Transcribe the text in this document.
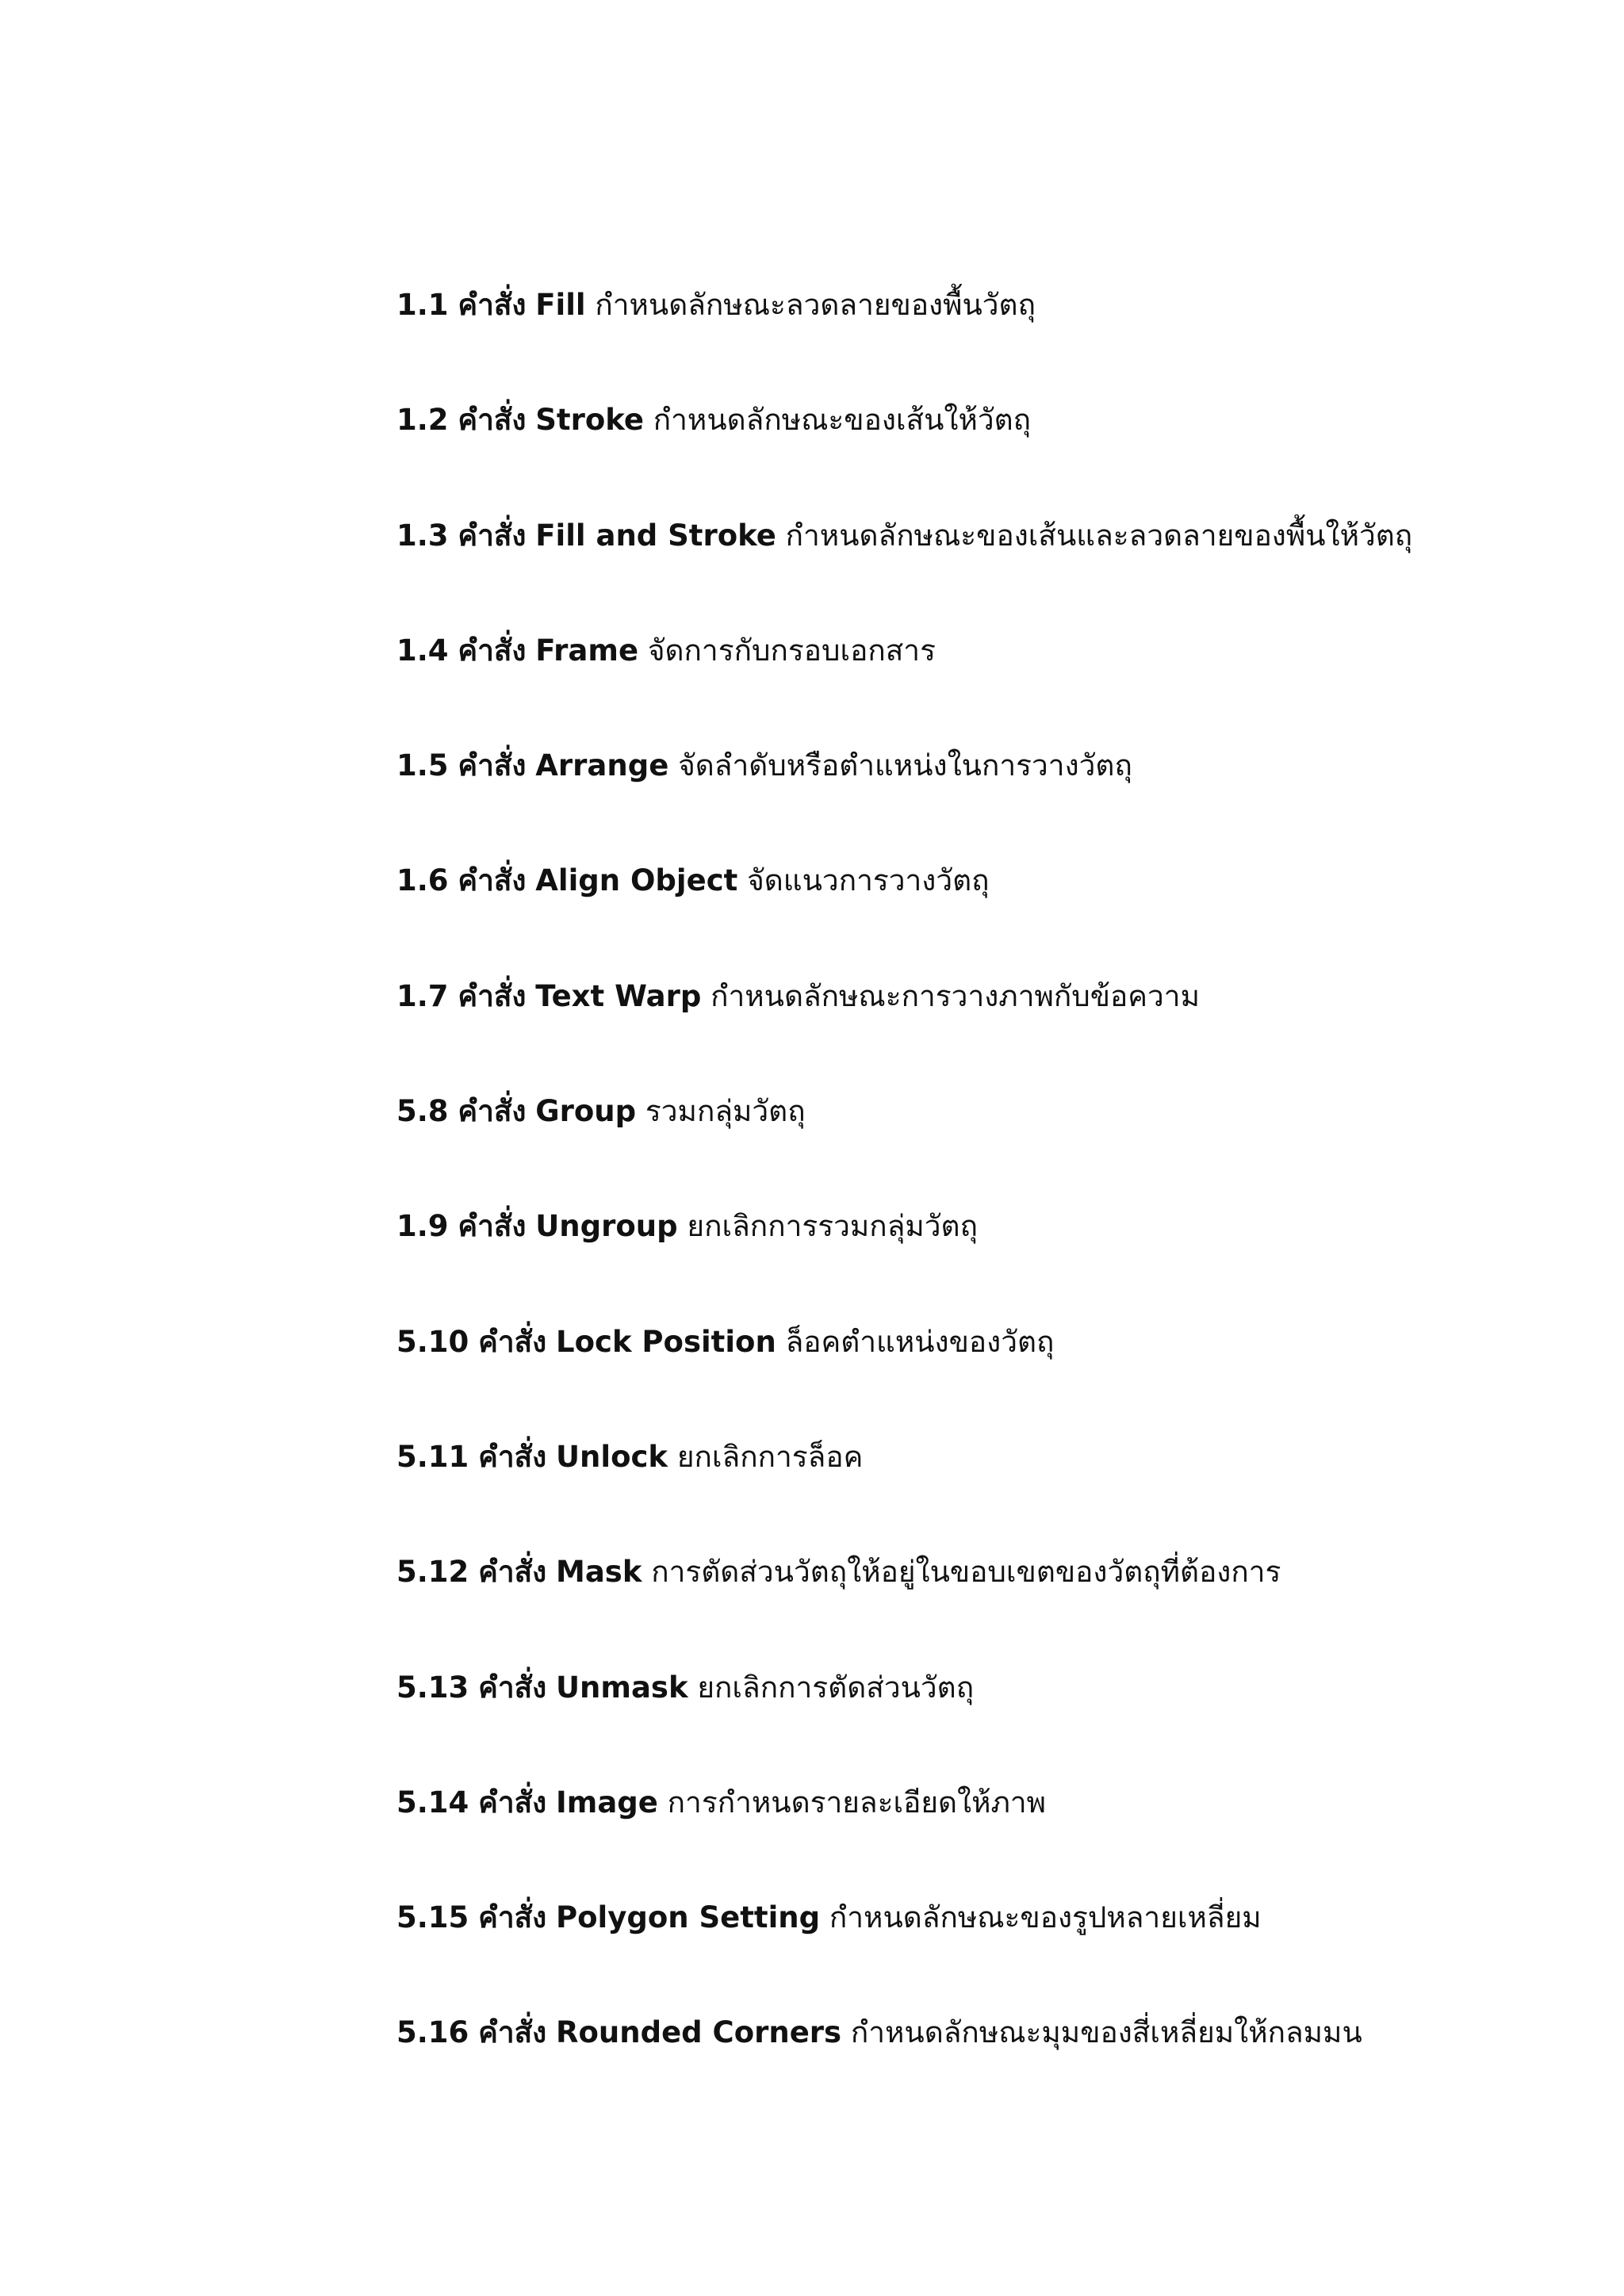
1.1 คำสั่ง Fill กำหนดลักษณะลวดลายของพื้นวัตถุ
1.2 คำสั่ง Stroke กำหนดลักษณะของเส้นให้วัตถุ
1.3 คำสั่ง Fill and Stroke กำหนดลักษณะของเส้นและลวดลายของพื้นให้วัตถุ
1.4 คำสั่ง Frame จัดการกับกรอบเอกสาร
1.5 คำสั่ง Arrange จัดลำดับหรือตำแหน่งในการวางวัตถุ
1.6 คำสั่ง Align Object จัดแนวการวางวัตถุ
1.7 คำสั่ง Text Warp กำหนดลักษณะการวางภาพกับข้อความ
5.8 คำสั่ง Group รวมกลุ่มวัตถุ
1.9 คำสั่ง Ungroup ยกเลิกการรวมกลุ่มวัตถุ
5.10 คำสั่ง Lock Position ล็อคตำแหน่งของวัตถุ
5.11 คำสั่ง Unlock ยกเลิกการล็อค
5.12 คำสั่ง Mask การตัดส่วนวัตถุให้อยู่ในขอบเขตของวัตถุที่ต้องการ
5.13 คำสั่ง Unmask ยกเลิกการตัดส่วนวัตถุ
5.14 คำสั่ง Image การกำหนดรายละเอียดให้ภาพ
5.15 คำสั่ง Polygon Setting กำหนดลักษณะของรูปหลายเหลี่ยม
5.16 คำสั่ง Rounded Corners กำหนดลักษณะมุมของสี่เหลี่ยมให้กลมมน
